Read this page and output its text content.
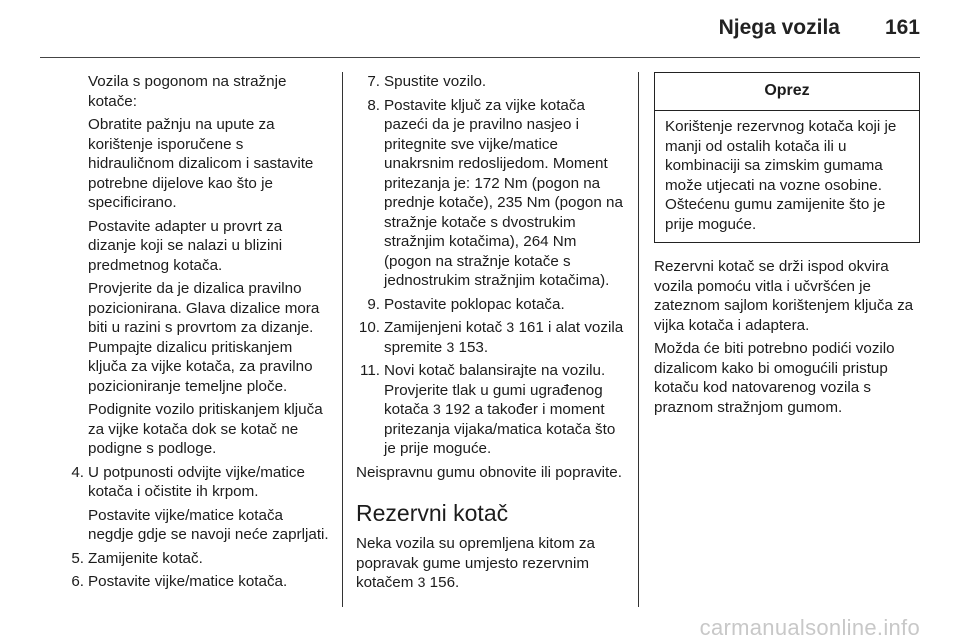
Njega vozila 161

Vozila s pogonom na stražnje kotače:

Obratite pažnju na upute za korištenje isporučene s hidrauličnom dizalicom i sastavite potrebne dijelove kao što je specificirano.

Postavite adapter u provrt za dizanje koji se nalazi u blizini predmetnog kotača.

Provjerite da je dizalica pravilno pozicionirana. Glava dizalice mora biti u razini s provrtom za dizanje. Pumpajte dizalicu pritiskanjem ključa za vijke kotača, za pravilno pozicioniranje temeljne ploče.

Podignite vozilo pritiskanjem ključa za vijke kotača dok se kotač ne podigne s podloge.

4. U potpunosti odvijte vijke/matice kotača i očistite ih krpom.

Postavite vijke/matice kotača negdje gdje se navoji neće zaprljati.

5. Zamijenite kotač.
6. Postavite vijke/matice kotača.
7. Spustite vozilo.
8. Postavite ključ za vijke kotača pazeći da je pravilno nasjeo i pritegnite sve vijke/matice unakrsnim redoslijedom. Moment pritezanja je: 172 Nm (pogon na prednje kotače), 235 Nm (pogon na stražnje kotače s dvostrukim stražnjim kotačima), 264 Nm (pogon na stražnje kotače s jednostrukim stražnjim kotačima).
9. Postavite poklopac kotača.
10. Zamijenjeni kotač 3 161 i alat vozila spremite 3 153.
11. Novi kotač balansirajte na vozilu. Provjerite tlak u gumi ugrađenog kotača 3 192 a također i moment pritezanja vijaka/matica kotača što je prije moguće.

Neispravnu gumu obnovite ili popravite.

Rezervni kotač

Neka vozila su opremljena kitom za popravak gume umjesto rezervnim kotačem 3 156.

Oprez
Korištenje rezervnog kotača koji je manji od ostalih kotača ili u kombinaciji sa zimskim gumama može utjecati na vozne osobine. Oštećenu gumu zamijenite što je prije moguće.

Rezervni kotač se drži ispod okvira vozila pomoću vitla i učvršćen je zateznom sajlom korištenjem ključa za vijka kotača i adaptera.

Možda će biti potrebno podići vozilo dizalicom kako bi omogućili pristup kotaču kod natovarenog vozila s praznom stražnjom gumom.

carmanualsonline.info
